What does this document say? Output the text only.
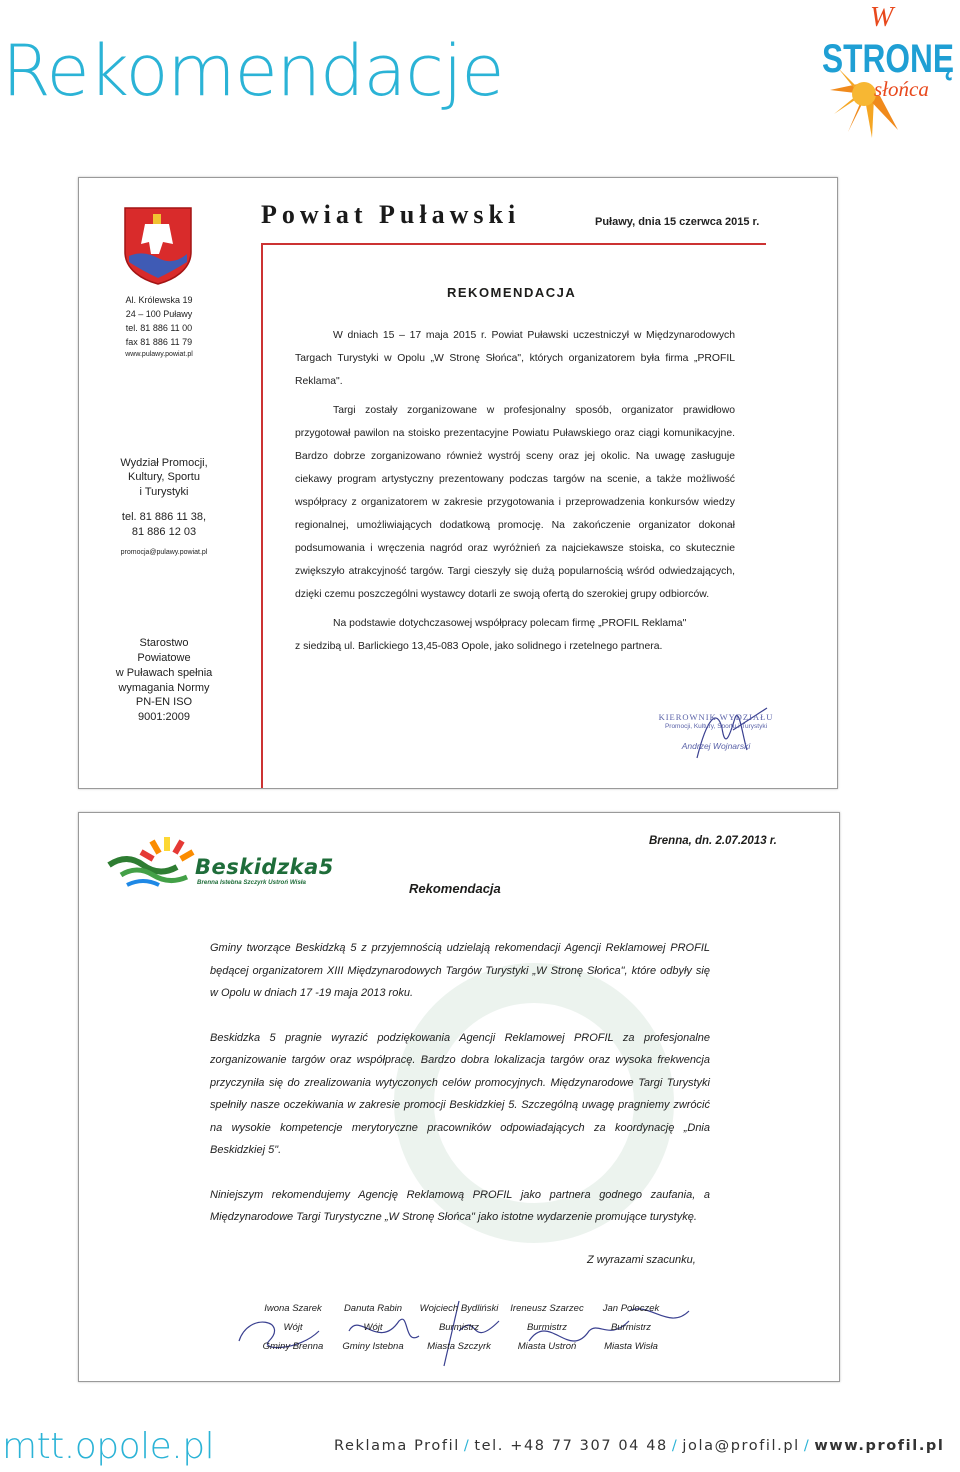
Rekomendacje
W
STRONĘ
słońca
Powiat Puławski	Puławy, dnia 15 czerwca 2015 r.
Al. Królewska 19
24 – 100 Puławy
tel. 81 886 11 00
fax 81 886 11 79
www.pulawy.powiat.pl
Wydział Promocji,
Kultury, Sportu
i Turystyki
tel. 81 886 11 38,
81 886 12 03
promocja@pulawy.powiat.pl
Starostwo
Powiatowe
w Puławach spełnia
wymagania Normy
PN-EN ISO
9001:2009
REKOMENDACJA

W dniach 15 – 17 maja 2015 r. Powiat Puławski uczestniczył w Międzynarodowych Targach Turystyki w Opolu „W Stronę Słońca", których organizatorem była firma „PROFIL Reklama".

Targi zostały zorganizowane w profesjonalny sposób, organizator prawidłowo przygotował pawilon na stoisko prezentacyjne Powiatu Puławskiego oraz ciągi komunikacyjne. Bardzo dobrze zorganizowano również wystrój sceny oraz jej okolic. Na uwagę zasługuje ciekawy program artystyczny prezentowany podczas targów na scenie, a także możliwość współpracy z organizatorem w zakresie przygotowania i przeprowadzenia konkursów wiedzy regionalnej, umożliwiających dodatkową promocję. Na zakończenie organizator dokonał podsumowania i wręczenia nagród oraz wyróżnień za najciekawsze stoiska, co skutecznie zwiększyło atrakcyjność targów. Targi cieszyły się dużą popularnością wśród odwiedzających, dzięki czemu poszczególni wystawcy dotarli ze swoją ofertą do szerokiej grupy odbiorców.

Na podstawie dotychczasowej współpracy polecam firmę „PROFIL Reklama"

z siedzibą ul. Barlickiego 13,45-083 Opole, jako solidnego i rzetelnego partnera.

KIEROWNIK WYDZIAŁU
Promocji, Kultury, Sportu i Turystyki
Andrzej Wojnarski
Beskidzka5
Brenna Istebna Szczyrk Ustroń Wisła
Brenna, dn. 2.07.2013 r.
Rekomendacja

Gminy tworzące Beskidzką 5 z przyjemnością udzielają rekomendacji Agencji Reklamowej PROFIL będącej organizatorem XIII Międzynarodowych Targów Turystyki „W Stronę Słońca", które odbyły się w Opolu w dniach 17 -19 maja 2013 roku.

Beskidzka 5 pragnie wyrazić podziękowania Agencji Reklamowej PROFIL za profesjonalne zorganizowanie targów oraz współpracę. Bardzo dobra lokalizacja targów oraz wysoka frekwencja przyczyniła się do zrealizowania wytyczonych celów promocyjnych. Międzynarodowe Targi Turystyki spełniły nasze oczekiwania w zakresie promocji Beskidzkiej 5. Szczególną uwagę pragniemy zwrócić na wysokie kompetencje merytoryczne pracowników odpowiadających za koordynację „Dnia Beskidzkiej 5".

Niniejszym rekomendujemy Agencję Reklamową PROFIL jako partnera godnego zaufania, a Międzynarodowe Targi Turystyczne „W Stronę Słońca" jako istotne wydarzenie promujące turystykę.

Z wyrazami szacunku,
Iwona Szarek
Wójt
Gminy Brenna
Danuta Rabin
Wójt
Gminy Istebna
Wojciech Bydliński
Burmistrz
Miasta Szczyrk
Ireneusz Szarzec
Burmistrz
Miasta Ustroń
Jan Poloczek
Burmistrz
Miasta Wisła
mtt.opole.pl	Reklama Profil / tel. +48 77 307 04 48 / jola@profil.pl / www.profil.pl
